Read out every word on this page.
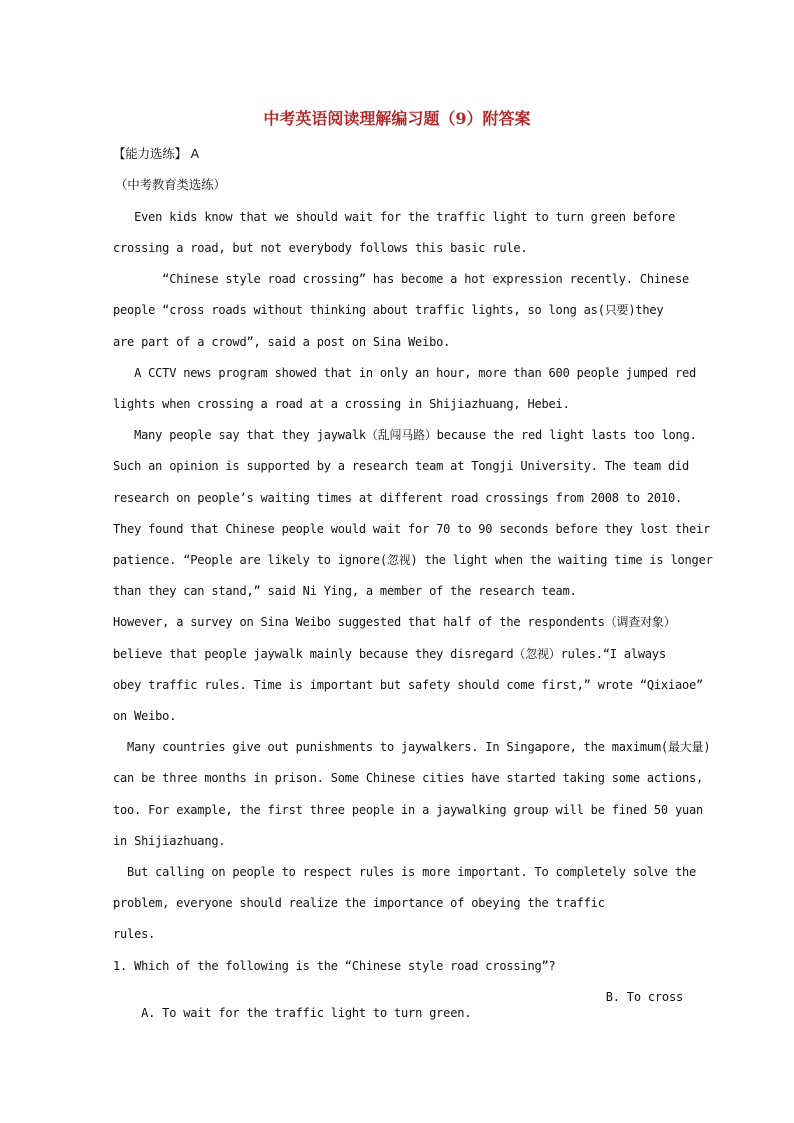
中考英语阅读理解编习题（9）附答案
【能力选练】 A
（中考教育类选练）
Even kids know that we should wait for the traffic light to turn green before
crossing a road, but not everybody follows this basic rule.
“Chinese style road crossing” has become a hot expression recently. Chinese
people “cross roads without thinking about traffic lights, so long as(只要)they
are part of a crowd”, said a post on Sina Weibo.
A CCTV news program showed that in only an hour, more than 600 people jumped red
lights when crossing a road at a crossing in Shijiazhuang, Hebei.
Many people say that they jaywalk（乱闯马路）because the red light lasts too long.
Such an opinion is supported by a research team at Tongji University. The team did
research on people’s waiting times at different road crossings from 2008 to 2010.
They found that Chinese people would wait for 70 to 90 seconds before they lost their
patience. “People are likely to ignore(忽视) the light when the waiting time is longer
than they can stand,” said Ni Ying, a member of the research team.
However, a survey on Sina Weibo suggested that half of the respondents（调查对象）
believe that people jaywalk mainly because they disregard（忽视）rules.“I always
obey traffic rules. Time is important but safety should come first,” wrote “Qixiaoe”
on Weibo.
Many countries give out punishments to jaywalkers. In Singapore, the maximum(最大量)
can be three months in prison. Some Chinese cities have started taking some actions,
too. For example, the first three people in a jaywalking group will be fined 50 yuan
in Shijiazhuang.
But calling on people to respect rules is more important. To completely solve the
problem, everyone should realize the importance of obeying the traffic
rules.
1. Which of the following is the “Chinese style road crossing”?

A. To wait for the traffic light to turn green.

B. To cross
